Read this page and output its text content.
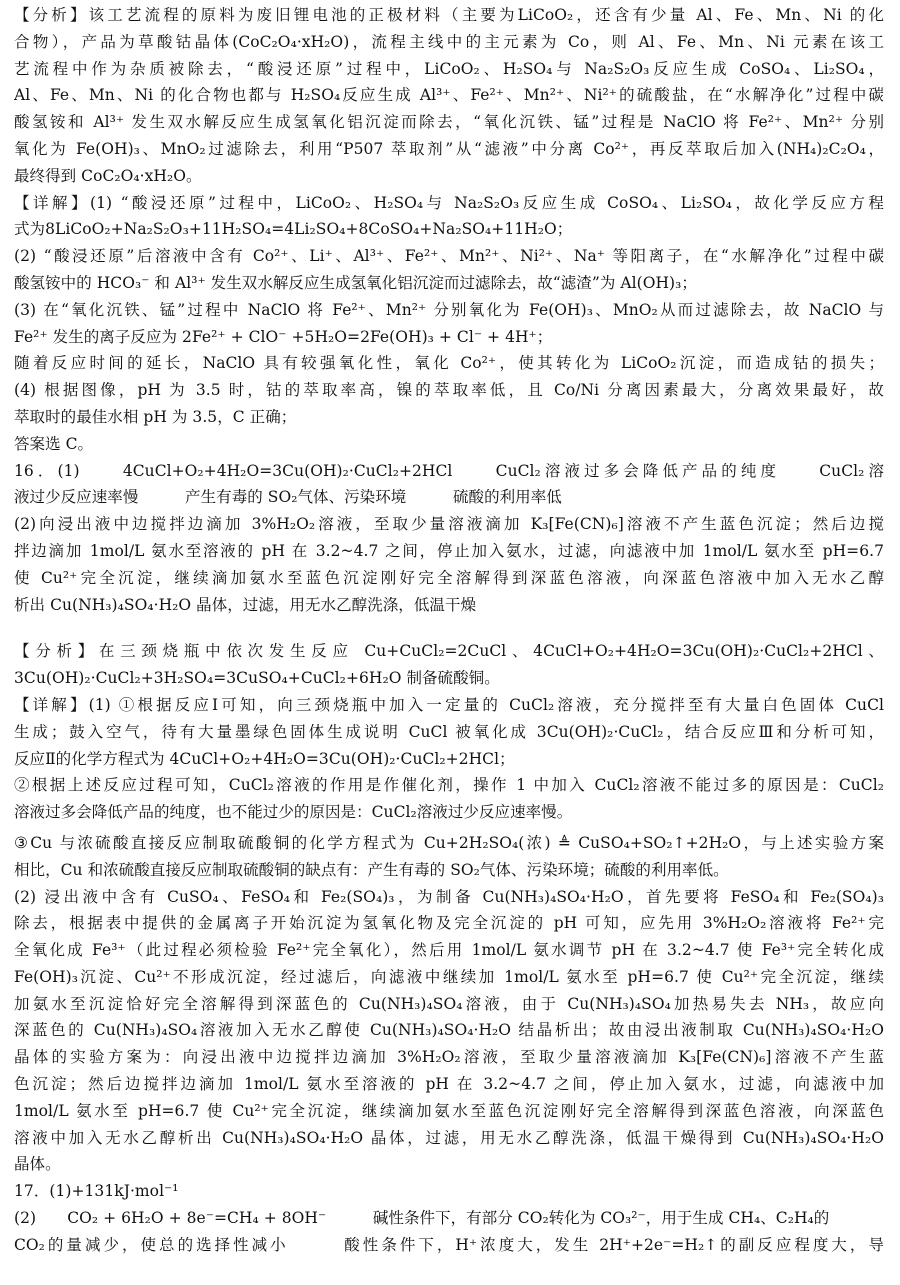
【分析】该工艺流程的原料为废旧锂电池的正极材料（主要为LiCoO₂，还含有少量 Al、Fe、Mn、Ni 的化
合物），产品为草酸钴晶体(CoC₂O₄·xH₂O)，流程主线中的主元素为 Co，则 Al、Fe、Mn、Ni 元素在该工
艺流程中作为杂质被除去，“酸浸还原”过程中，LiCoO₂、H₂SO₄与 Na₂S₂O₃反应生成 CoSO₄、Li₂SO₄，
Al、Fe、Mn、Ni 的化合物也都与 H₂SO₄反应生成 Al³⁺、Fe²⁺、Mn²⁺、Ni²⁺的硫酸盐，在“水解净化”过程中碳
酸氢铵和 Al³⁺ 发生双水解反应生成氢氧化铝沉淀而除去，“氧化沉铁、锰”过程是 NaClO 将 Fe²⁺、Mn²⁺ 分别
氧化为 Fe(OH)₃、MnO₂过滤除去，利用“P507 萃取剂”从“滤液”中分离 Co²⁺，再反萃取后加入(NH₄)₂C₂O₄，
最终得到 CoC₂O₄·xH₂O。
【详解】(1) “酸浸还原”过程中，LiCoO₂、H₂SO₄与 Na₂S₂O₃反应生成 CoSO₄、Li₂SO₄，故化学反应方程
式为8LiCoO₂+Na₂S₂O₃+11H₂SO₄=4Li₂SO₄+8CoSO₄+Na₂SO₄+11H₂O；
(2) “酸浸还原”后溶液中含有 Co²⁺、Li⁺、Al³⁺、Fe²⁺、Mn²⁺、Ni²⁺、Na⁺ 等阳离子，在“水解净化”过程中碳
酸氢铵中的 HCO₃⁻ 和 Al³⁺ 发生双水解反应生成氢氧化铝沉淀而过滤除去，故“滤渣”为 Al(OH)₃；
(3) 在“氧化沉铁、锰”过程中 NaClO 将 Fe²⁺、Mn²⁺ 分别氧化为 Fe(OH)₃、MnO₂从而过滤除去，故 NaClO 与
Fe²⁺ 发生的离子反应为 2Fe²⁺ + ClO⁻ +5H₂O=2Fe(OH)₃ + Cl⁻ + 4H⁺；
随着反应时间的延长，NaClO 具有较强氧化性，氧化 Co²⁺，使其转化为 LiCoO₂沉淀，而造成钴的损失；
(4) 根据图像，pH 为 3.5 时，钴的萃取率高，镍的萃取率低，且 Co/Ni 分离因素最大，分离效果最好，故
萃取时的最佳水相 pH 为 3.5，C 正确；
答案选 C。
16．(1)　　4CuCl+O₂+4H₂O=3Cu(OH)₂·CuCl₂+2HCl　　CuCl₂溶液过多会降低产品的纯度　　CuCl₂溶
液过少反应速率慢　　　产生有毒的 SO₂气体、污染环境　　　硫酸的利用率低
(2)向浸出液中边搅拌边滴加 3%H₂O₂溶液，至取少量溶液滴加 K₃[Fe(CN)₆]溶液不产生蓝色沉淀；然后边搅
拌边滴加 1mol/L 氨水至溶液的 pH 在 3.2~4.7 之间，停止加入氨水，过滤，向滤液中加 1mol/L 氨水至 pH=6.7
使 Cu²⁺完全沉淀，继续滴加氨水至蓝色沉淀刚好完全溶解得到深蓝色溶液，向深蓝色溶液中加入无水乙醇
析出 Cu(NH₃)₄SO₄·H₂O 晶体，过滤，用无水乙醇洗涤，低温干燥
【分析】在三颈烧瓶中依次发生反应 Cu+CuCl₂=2CuCl、4CuCl+O₂+4H₂O=3Cu(OH)₂·CuCl₂+2HCl、
3Cu(OH)₂·CuCl₂+3H₂SO₄=3CuSO₄+CuCl₂+6H₂O 制备硫酸铜。
【详解】(1) ①根据反应Ⅰ可知，向三颈烧瓶中加入一定量的 CuCl₂溶液，充分搅拌至有大量白色固体 CuCl
生成；鼓入空气，待有大量墨绿色固体生成说明 CuCl 被氧化成 3Cu(OH)₂·CuCl₂，结合反应Ⅲ和分析可知，
反应Ⅱ的化学方程式为 4CuCl+O₂+4H₂O=3Cu(OH)₂·CuCl₂+2HCl；
②根据上述反应过程可知，CuCl₂溶液的作用是作催化剂，操作 1 中加入 CuCl₂溶液不能过多的原因是：CuCl₂
溶液过多会降低产品的纯度，也不能过少的原因是：CuCl₂溶液过少反应速率慢。
③Cu 与浓硫酸直接反应制取硫酸铜的化学方程式为 Cu+2H₂SO₄(浓) ≜ CuSO₄+SO₂↑+2H₂O，与上述实验方案
相比，Cu 和浓硫酸直接反应制取硫酸铜的缺点有：产生有毒的 SO₂气体、污染环境；硫酸的利用率低。
(2) 浸出液中含有 CuSO₄、FeSO₄和 Fe₂(SO₄)₃，为制备 Cu(NH₃)₄SO₄·H₂O，首先要将 FeSO₄和 Fe₂(SO₄)₃
除去，根据表中提供的金属离子开始沉淀为氢氧化物及完全沉淀的 pH 可知，应先用 3%H₂O₂溶液将 Fe²⁺完
全氧化成 Fe³⁺（此过程必须检验 Fe²⁺完全氧化），然后用 1mol/L 氨水调节 pH 在 3.2~4.7 使 Fe³⁺完全转化成
Fe(OH)₃沉淀、Cu²⁺不形成沉淀，经过滤后，向滤液中继续加 1mol/L 氨水至 pH=6.7 使 Cu²⁺完全沉淀，继续
加氨水至沉淀恰好完全溶解得到深蓝色的 Cu(NH₃)₄SO₄溶液，由于 Cu(NH₃)₄SO₄加热易失去 NH₃，故应向
深蓝色的 Cu(NH₃)₄SO₄溶液加入无水乙醇使 Cu(NH₃)₄SO₄·H₂O 结晶析出；故由浸出液制取 Cu(NH₃)₄SO₄·H₂O
晶体的实验方案为：向浸出液中边搅拌边滴加 3%H₂O₂溶液，至取少量溶液滴加 K₃[Fe(CN)₆]溶液不产生蓝
色沉淀；然后边搅拌边滴加 1mol/L 氨水至溶液的 pH 在 3.2~4.7 之间，停止加入氨水，过滤，向滤液中加
1mol/L 氨水至 pH=6.7 使 Cu²⁺完全沉淀，继续滴加氨水至蓝色沉淀刚好完全溶解得到深蓝色溶液，向深蓝色
溶液中加入无水乙醇析出 Cu(NH₃)₄SO₄·H₂O 晶体，过滤，用无水乙醇洗涤，低温干燥得到 Cu(NH₃)₄SO₄·H₂O
晶体。
17．(1)+131kJ·mol⁻¹
(2)　　CO₂ + 6H₂O + 8e⁻=CH₄ + 8OH⁻　　　碱性条件下，有部分 CO₂转化为 CO₃²⁻，用于生成 CH₄、C₂H₄的
CO₂的量减少，使总的选择性减小　　　酸性条件下，H⁺浓度大，发生 2H⁺+2e⁻=H₂↑的副反应程度大，导
